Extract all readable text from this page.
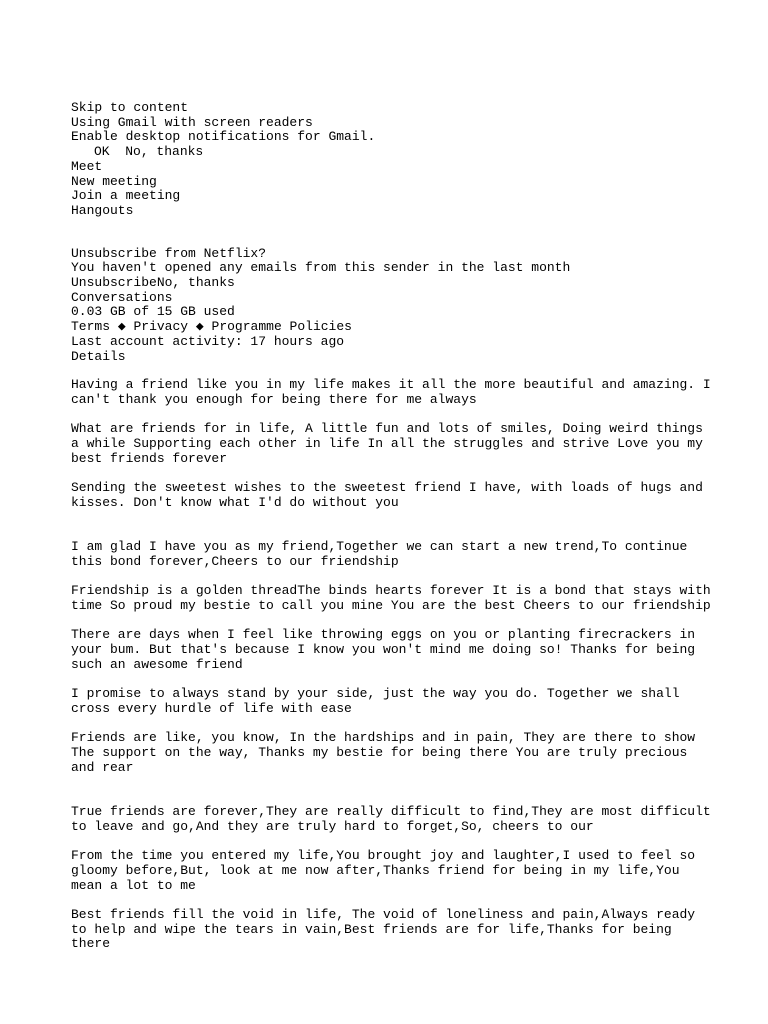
Skip to content
Using Gmail with screen readers
Enable desktop notifications for Gmail.
OK No, thanks
Meet
New meeting
Join a meeting
Hangouts
Unsubscribe from Netflix?
You haven't opened any emails from this sender in the last month
UnsubscribeNo, thanks
Conversations
0.03 GB of 15 GB used
Terms ◆ Privacy ◆ Programme Policies
Last account activity: 17 hours ago
Details

Having a friend like you in my life makes it all the more beautiful and amazing. I can't thank you enough for being there for me always

What are friends for in life, A little fun and lots of smiles, Doing weird things a while Supporting each other in life In all the struggles and strive Love you my best friends forever

Sending the sweetest wishes to the sweetest friend I have, with loads of hugs and kisses. Don't know what I'd do without you

I am glad I have you as my friend,Together we can start a new trend,To continue this bond forever,Cheers to our friendship

Friendship is a golden threadThe binds hearts forever It is a bond that stays with time So proud my bestie to call you mine You are the best Cheers to our friendship

There are days when I feel like throwing eggs on you or planting firecrackers in your bum. But that's because I know you won't mind me doing so! Thanks for being such an awesome friend

I promise to always stand by your side, just the way you do. Together we shall cross every hurdle of life with ease

Friends are like, you know, In the hardships and in pain, They are there to show The support on the way, Thanks my bestie for being there You are truly precious and rear

True friends are forever,They are really difficult to find,They are most difficult to leave and go,And they are truly hard to forget,So, cheers to our

From the time you entered my life,You brought joy and laughter,I used to feel so gloomy before,But, look at me now after,Thanks friend for being in my life,You mean a lot to me

Best friends fill the void in life, The void of loneliness and pain,Always ready to help and wipe the tears in vain,Best friends are for life,Thanks for being there
